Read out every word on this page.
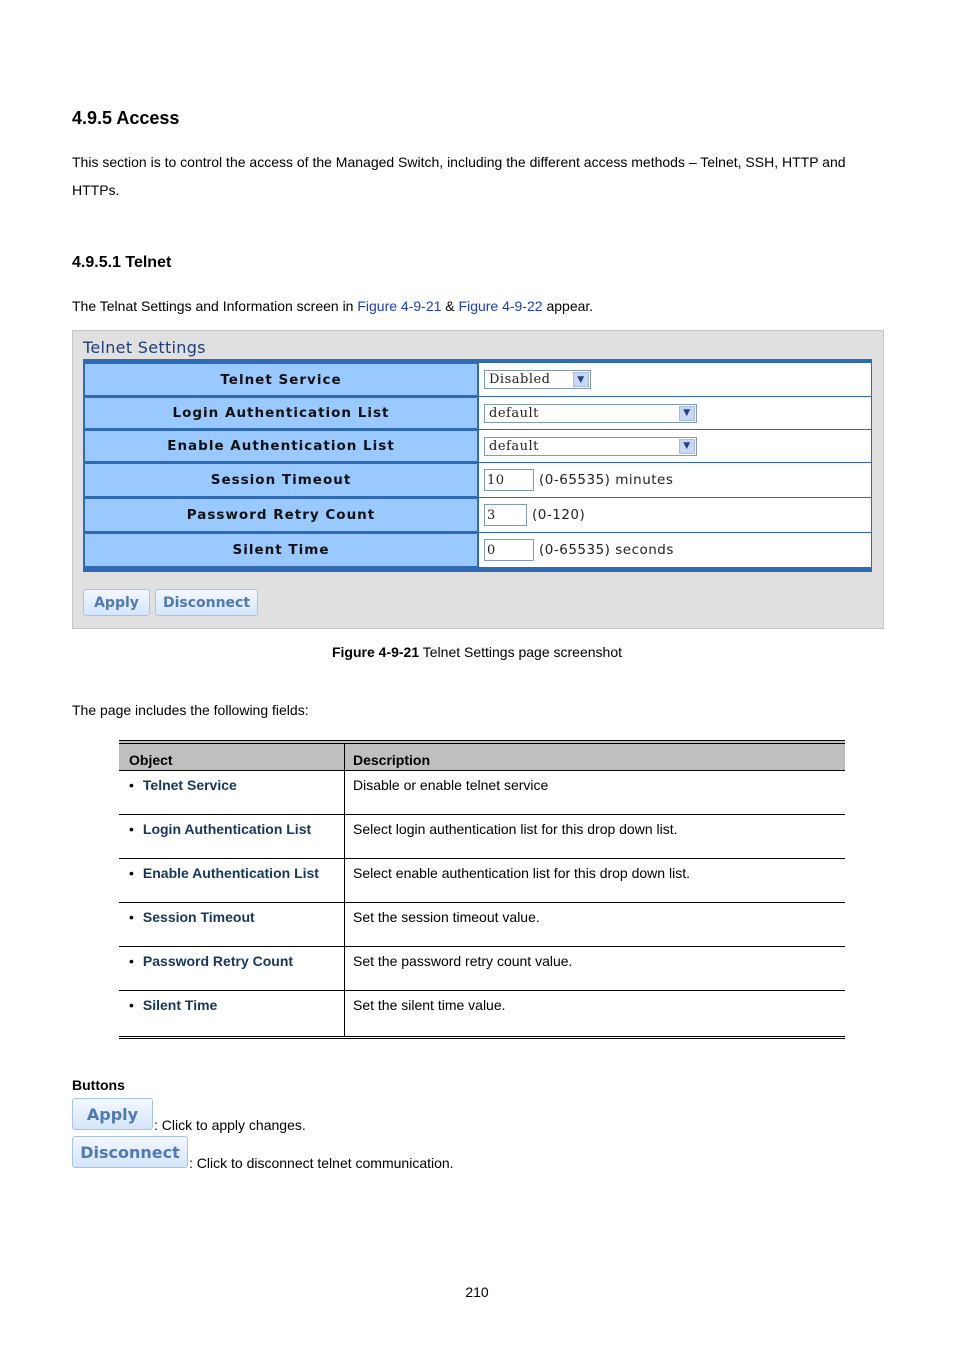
4.9.5 Access
This section is to control the access of the Managed Switch, including the different access methods – Telnet, SSH, HTTP and HTTPs.
4.9.5.1 Telnet
The Telnat Settings and Information screen in Figure 4-9-21 & Figure 4-9-22 appear.
Telnet Settings
Telnet Service	Disabled	▼
Login Authentication List	default	▼
Enable Authentication List	default	▼
Session Timeout	10	(0-65535) minutes
Password Retry Count	3	(0-120)
Silent Time	0	(0-65535) seconds
Apply	Disconnect
Figure 4-9-21 Telnet Settings page screenshot
The page includes the following fields:
Object	Description
• Telnet Service	Disable or enable telnet service
• Login Authentication List	Select login authentication list for this drop down list.
• Enable Authentication List	Select enable authentication list for this drop down list.
• Session Timeout	Set the session timeout value.
• Password Retry Count	Set the password retry count value.
• Silent Time	Set the silent time value.
Buttons
Apply
: Click to apply changes.
Disconnect
: Click to disconnect telnet communication.
210
